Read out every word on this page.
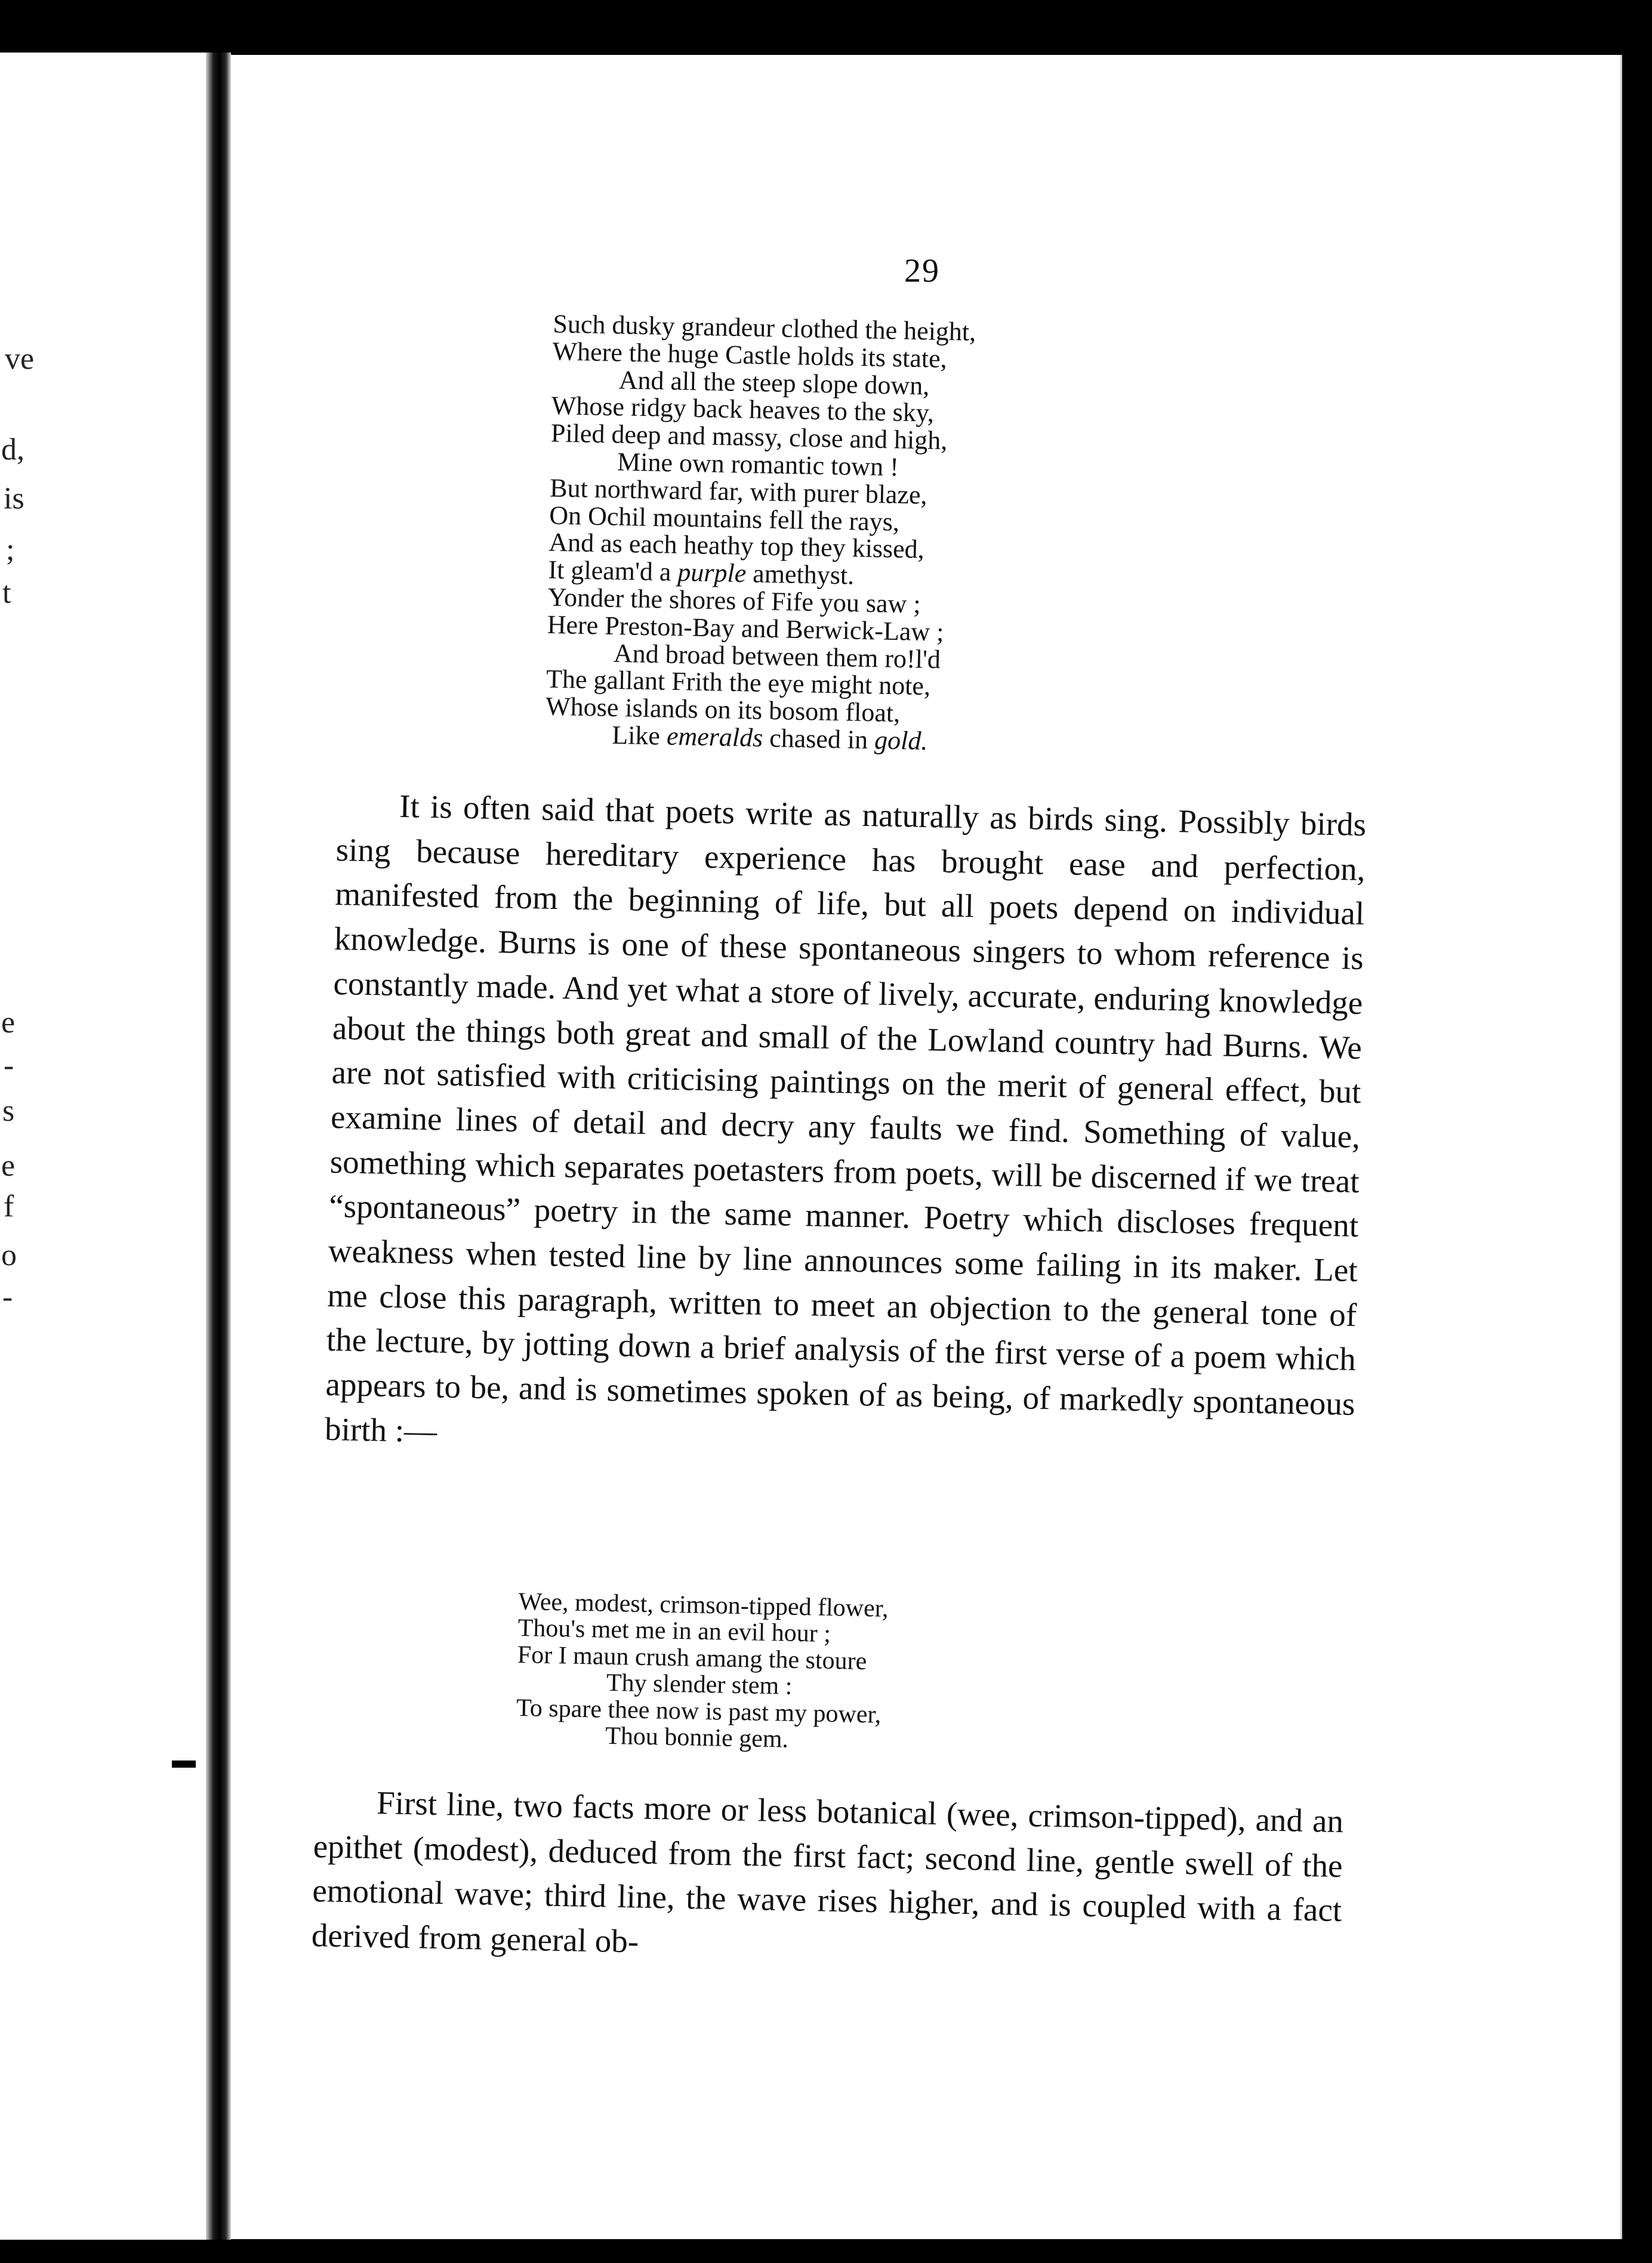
ve
d,
is
;
t
e
-
s
e
f
o
-
29
Such dusky grandeur clothed the height,
Where the huge Castle holds its state,
And all the steep slope down,
Whose ridgy back heaves to the sky,
Piled deep and massy, close and high,
Mine own romantic town !
But northward far, with purer blaze,
On Ochil mountains fell the rays,
And as each heathy top they kissed,
It gleam'd a purple amethyst.
Yonder the shores of Fife you saw ;
Here Preston-Bay and Berwick-Law ;
And broad between them ro!l'd
The gallant Frith the eye might note,
Whose islands on its bosom float,
Like emeralds chased in gold.

It is often said that poets write as naturally as birds sing. Possibly birds sing because hereditary experience has brought ease and perfection, manifested from the beginning of life, but all poets depend on individual knowledge. Burns is one of these spontaneous singers to whom reference is constantly made. And yet what a store of lively, accurate, enduring knowledge about the things both great and small of the Lowland country had Burns. We are not satisfied with criticising paintings on the merit of general effect, but examine lines of detail and decry any faults we find. Something of value, something which separates poetasters from poets, will be discerned if we treat “spontaneous” poetry in the same manner. Poetry which discloses frequent weakness when tested line by line announces some failing in its maker. Let me close this paragraph, written to meet an objection to the general tone of the lecture, by jotting down a brief analysis of the first verse of a poem which appears to be, and is sometimes spoken of as being, of markedly spontaneous birth :—

Wee, modest, crimson-tipped flower,
Thou's met me in an evil hour ;
For I maun crush amang the stoure
Thy slender stem :
To spare thee now is past my power,
Thou bonnie gem.

First line, two facts more or less botanical (wee, crimson-tipped), and an epithet (modest), deduced from the first fact; second line, gentle swell of the emotional wave; third line, the wave rises higher, and is coupled with a fact derived from general ob-
